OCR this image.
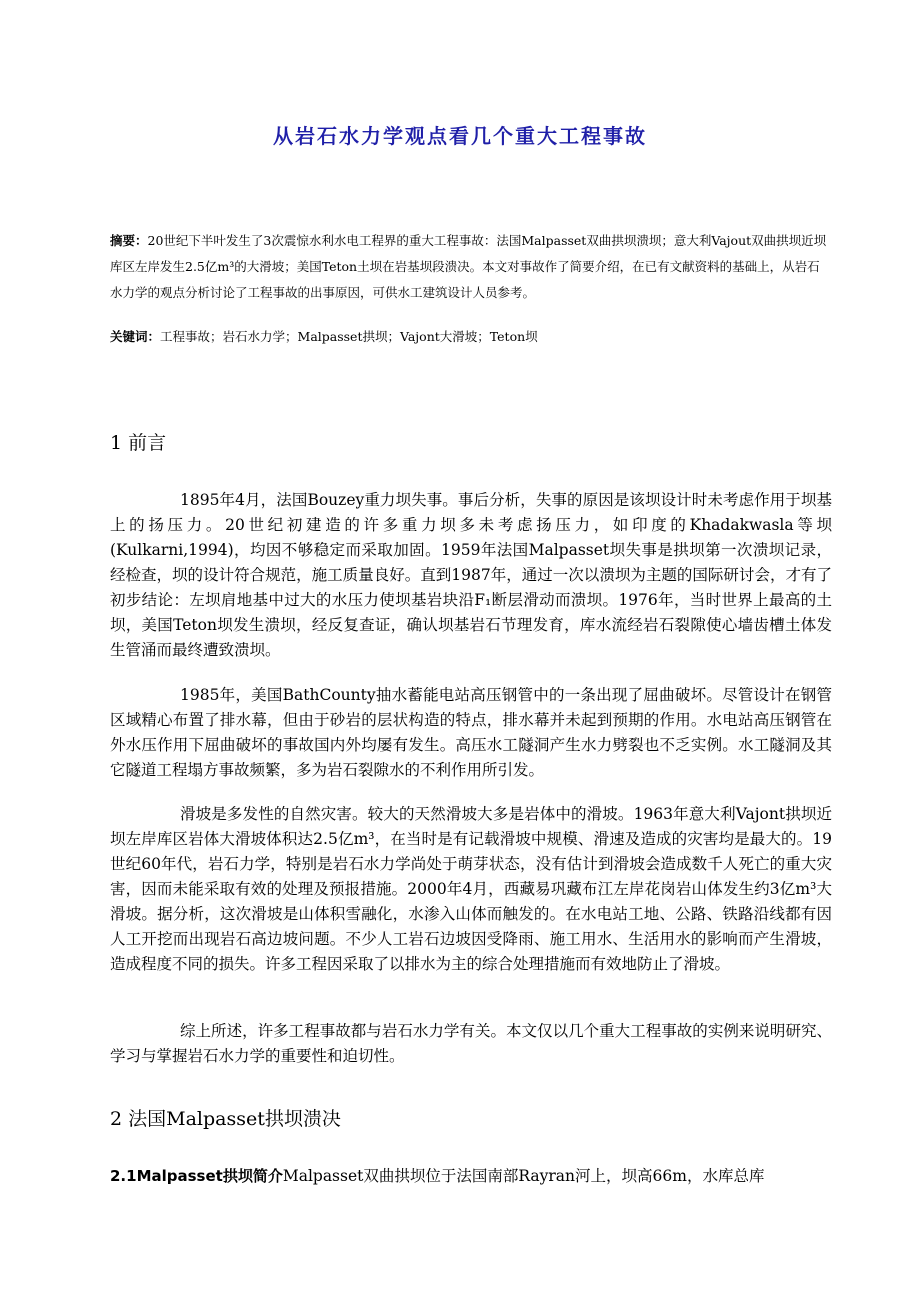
从岩石水力学观点看几个重大工程事故
摘要：20世纪下半叶发生了3次震惊水利水电工程界的重大工程事故：法国Malpasset双曲拱坝溃坝；意大利Vajout双曲拱坝近坝库区左岸发生2.5亿m³的大滑坡；美国Teton土坝在岩基坝段溃决。本文对事故作了简要介绍，在已有文献资料的基础上，从岩石水力学的观点分析讨论了工程事故的出事原因，可供水工建筑设计人员参考。
关键词：工程事故；岩石水力学；Malpasset拱坝；Vajont大滑坡；Teton坝
1 前言
1895年4月，法国Bouzey重力坝失事。事后分析，失事的原因是该坝设计时未考虑作用于坝基上的扬压力。20世纪初建造的许多重力坝多未考虑扬压力，如印度的Khadakwasla等坝(Kulkarni,1994)，均因不够稳定而采取加固。1959年法国Malpasset坝失事是拱坝第一次溃坝记录，经检查，坝的设计符合规范，施工质量良好。直到1987年，通过一次以溃坝为主题的国际研讨会，才有了初步结论：左坝肩地基中过大的水压力使坝基岩块沿F₁断层滑动而溃坝。1976年，当时世界上最高的土坝，美国Teton坝发生溃坝，经反复查证，确认坝基岩石节理发育，库水流经岩石裂隙使心墙齿槽土体发生管涌而最终遭致溃坝。
1985年，美国BathCounty抽水蓄能电站高压钢管中的一条出现了屈曲破坏。尽管设计在钢管区域精心布置了排水幕，但由于砂岩的层状构造的特点，排水幕并未起到预期的作用。水电站高压钢管在外水压作用下屈曲破坏的事故国内外均屡有发生。高压水工隧洞产生水力劈裂也不乏实例。水工隧洞及其它隧道工程塌方事故频繁，多为岩石裂隙水的不利作用所引发。
滑坡是多发性的自然灾害。较大的天然滑坡大多是岩体中的滑坡。1963年意大利Vajont拱坝近坝左岸库区岩体大滑坡体积达2.5亿m³，在当时是有记载滑坡中规模、滑速及造成的灾害均是最大的。19世纪60年代，岩石力学，特别是岩石水力学尚处于萌芽状态，没有估计到滑坡会造成数千人死亡的重大灾害，因而未能采取有效的处理及预报措施。2000年4月，西藏易巩藏布江左岸花岗岩山体发生约3亿m³大滑坡。据分析，这次滑坡是山体积雪融化，水渗入山体而触发的。在水电站工地、公路、铁路沿线都有因人工开挖而出现岩石高边坡问题。不少人工岩石边坡因受降雨、施工用水、生活用水的影响而产生滑坡，造成程度不同的损失。许多工程因采取了以排水为主的综合处理措施而有效地防止了滑坡。
综上所述，许多工程事故都与岩石水力学有关。本文仅以几个重大工程事故的实例来说明研究、学习与掌握岩石水力学的重要性和迫切性。
2 法国Malpasset拱坝溃决
2.1Malpasset拱坝简介Malpasset双曲拱坝位于法国南部Rayran河上，坝高66m，水库总库
